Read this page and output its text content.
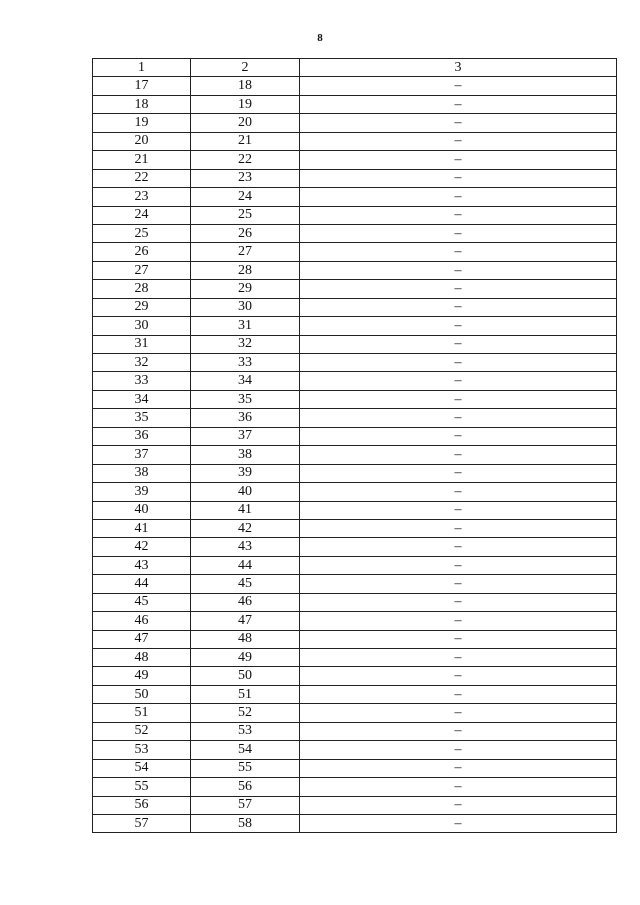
8
1	2	3
17	18	–
18	19	–
19	20	–
20	21	–
21	22	–
22	23	–
23	24	–
24	25	–
25	26	–
26	27	–
27	28	–
28	29	–
29	30	–
30	31	–
31	32	–
32	33	–
33	34	–
34	35	–
35	36	–
36	37	–
37	38	–
38	39	–
39	40	–
40	41	–
41	42	–
42	43	–
43	44	–
44	45	–
45	46	–
46	47	–
47	48	–
48	49	–
49	50	–
50	51	–
51	52	–
52	53	–
53	54	–
54	55	–
55	56	–
56	57	–
57	58	–
